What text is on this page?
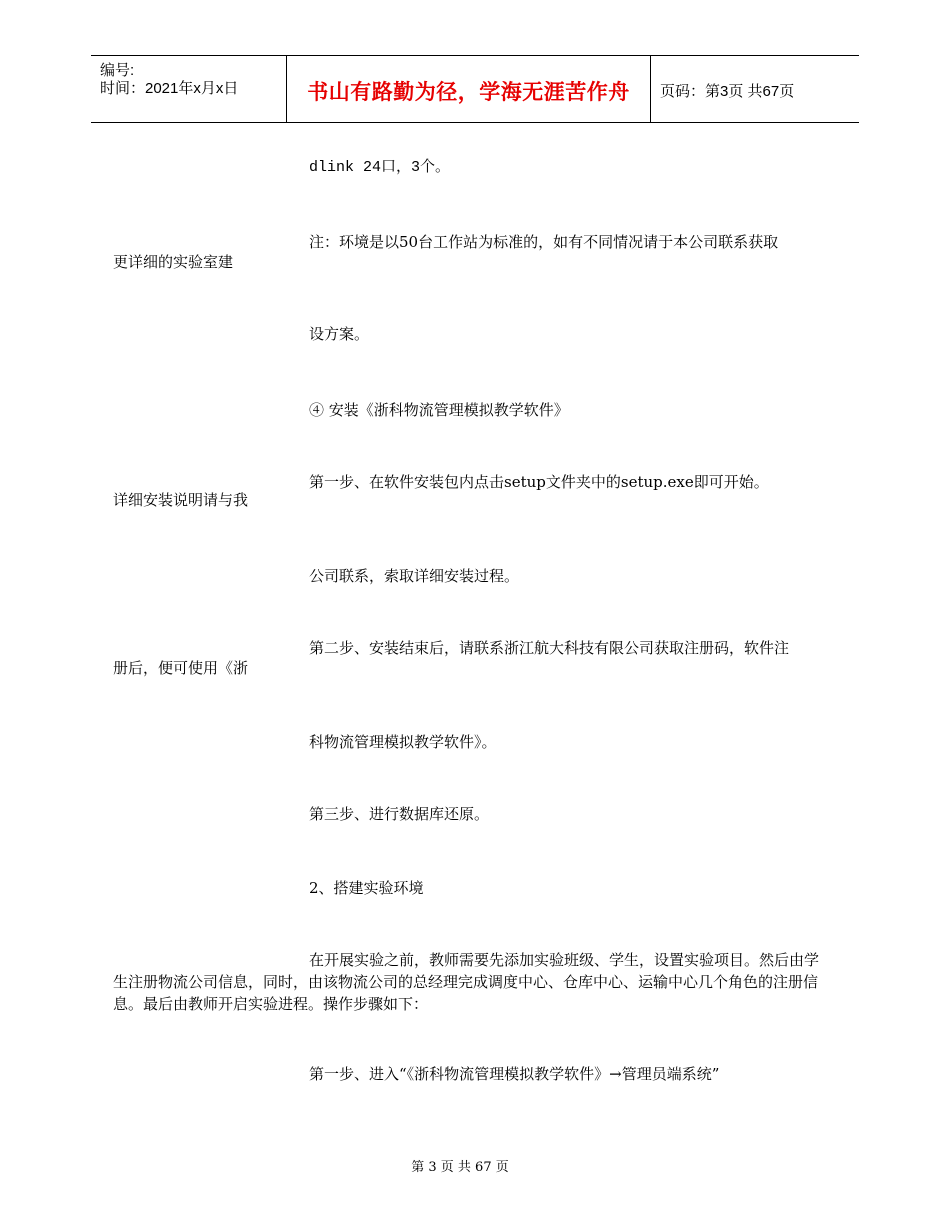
编号:
时间：2021年x月x日	书山有路勤为径，学海无涯苦作舟	页码：第3页 共67页
dlink 24口，3个。
更详细的实验室建
注：环境是以50台工作站为标准的，如有不同情况请于本公司联系获取
设方案。
④ 安装《浙科物流管理模拟教学软件》
第一步、在软件安装包内点击setup文件夹中的setup.exe即可开始。
详细安装说明请与我
公司联系，索取详细安装过程。
第二步、安装结束后，请联系浙江航大科技有限公司获取注册码，软件注
册后，便可使用《浙
科物流管理模拟教学软件》。
第三步、进行数据库还原。
2、搭建实验环境
在开展实验之前，教师需要先添加实验班级、学生，设置实验项目。然后由学生注册物流公司信息，同时，由该物流公司的总经理完成调度中心、仓库中心、运输中心几个角色的注册信息。最后由教师开启实验进程。操作步骤如下：
第一步、进入“《浙科物流管理模拟教学软件》→管理员端系统”
第 3 页 共 67 页
